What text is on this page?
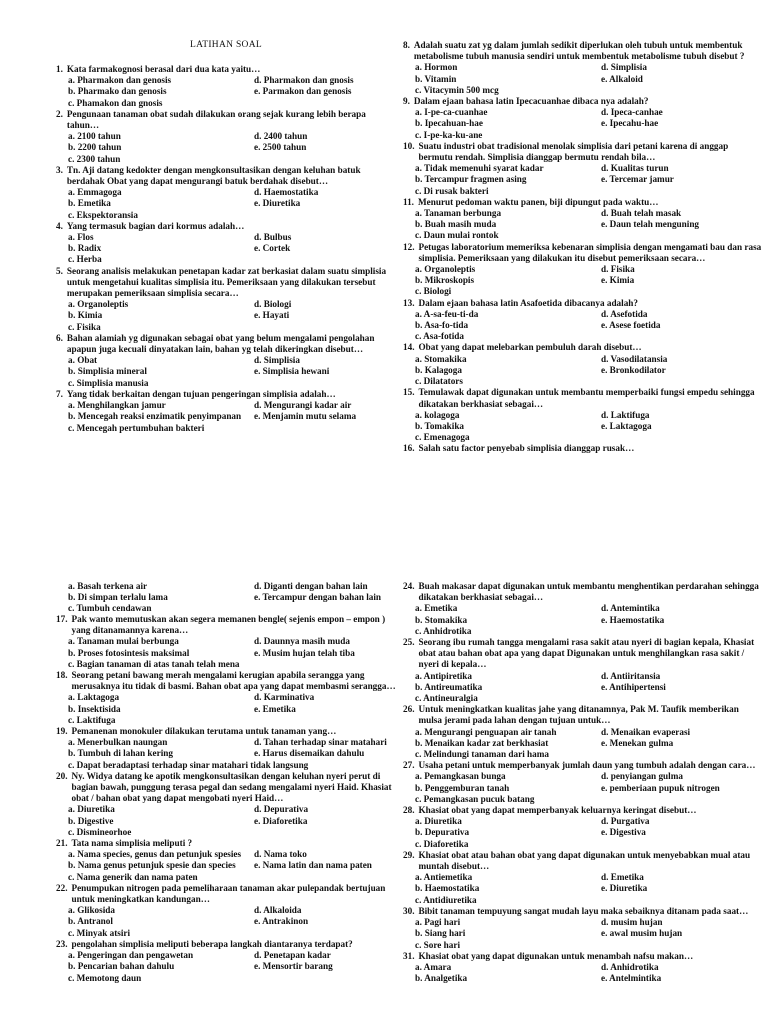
LATIHAN SOAL
1. Kata farmakognosi berasal dari dua kata yaitu…
a. Pharmakon dan genosis	d. Pharmakon dan gnosis
b. Pharmako dan genosis	e. Parmakon dan genosis
c. Phamakon dan gnosis
2. Pengunaan tanaman obat sudah dilakukan orang sejak kurang lebih berapa tahun…
a. 2100 tahun	d. 2400 tahun
b. 2200 tahun	e. 2500 tahun
c. 2300 tahun
3. Tn. Aji datang kedokter dengan mengkonsultasikan dengan keluhan batuk berdahak Obat yang dapat mengurangi batuk berdahak disebut…
a. Emmagoga	d. Haemostatika
b. Emetika	e. Diuretika
c. Ekspektoransia
4. Yang termasuk bagian dari kormus adalah…
a. Flos	d. Bulbus
b. Radix	e. Cortek
c. Herba
5. Seorang analisis melakukan penetapan kadar zat berkasiat dalam suatu simplisia untuk mengetahui kualitas simplisia itu. Pemeriksaan yang dilakukan tersebut merupakan pemeriksaan simplisia secara…
a. Organoleptis	d. Biologi
b. Kimia	e. Hayati
c. Fisika
6. Bahan alamiah yg digunakan sebagai obat yang belum mengalami pengolahan apapun juga kecuali dinyatakan lain, bahan yg telah dikeringkan disebut…
a. Obat	d. Simplisia
b. Simplisia mineral	e. Simplisia hewani
c. Simplisia manusia
7. Yang tidak berkaitan dengan tujuan pengeringan simplisia adalah…
a. Menghilangkan jamur	d. Mengurangi kadar air
b. Mencegah reaksi enzimatik penyimpanan	e. Menjamin mutu selama
c. Mencegah pertumbuhan bakteri
a. Basah terkena air	d. Diganti dengan bahan lain
b. Di simpan terlalu lama	e. Tercampur dengan bahan lain
c. Tumbuh cendawan
17. Pak wanto memutuskan akan segera memanen bengle( sejenis empon – empon ) yang ditanamannya karena…
a. Tanaman mulai berbunga	d. Daunnya masih muda
b. Proses fotosintesis maksimal	e. Musim hujan telah tiba
c. Bagian tanaman di atas tanah telah mena
18. Seorang petani bawang merah mengalami kerugian apabila serangga yang merusaknya itu tidak di basmi. Bahan obat apa yang dapat membasmi serangga…
a. Laktagoga	d. Karminativa
b. Insektisida	e. Emetika
c. Laktifuga
19. Pemanenan monokuler dilakukan terutama untuk tanaman yang…
a. Menerbulkan naungan	d. Tahan terhadap sinar matahari
b. Tumbuh di lahan kering	e. Harus disemaikan dahulu
c. Dapat beradaptasi terhadap sinar matahari tidak langsung
20. Ny. Widya datang ke apotik mengkonsultasikan dengan keluhan nyeri perut di bagian bawah, punggung terasa pegal dan sedang mengalami nyeri Haid. Khasiat obat / bahan obat yang dapat mengobati nyeri Haid…
a. Diuretika	d. Depurativa
b. Digestive	e. Diaforetika
c. Dismineorhoe
21. Tata nama simplisia meliputi ?
a. Nama species, genus dan petunjuk spesies	d. Nama toko
b. Nama genus petunjuk spesie dan species	e. Nama latin dan nama paten
c. Nama generik dan nama paten
22. Penumpukan nitrogen pada pemeliharaan tanaman akar pulepandak bertujuan untuk meningkatkan kandungan…
a. Glikosida	d. Alkaloida
b. Antranol	e. Antrakinon
c. Minyak atsiri
23. pengolahan simplisia meliputi beberapa langkah diantaranya terdapat?
a. Pengeringan dan pengawetan	d. Penetapan kadar
b. Pencarian bahan dahulu	e. Mensortir barang
c. Memotong daun
8. Adalah suatu zat yg dalam jumlah sedikit diperlukan oleh tubuh untuk membentuk metabolisme tubuh manusia sendiri untuk membentuk metabolisme tubuh disebut ?
a. Hormon	d. Simplisia
b. Vitamin	e. Alkaloid
c. Vitacymin 500 mcg
9. Dalam ejaan bahasa latin Ipecacuanhae dibaca nya adalah?
a. I-pe-ca-cuanhae	d. Ipeca-canhae
b. Ipecahuan-hae	e. Ipecahu-hae
c. I-pe-ka-ku-ane
10. Suatu industri obat tradisional menolak simplisia dari petani karena di anggap bermutu rendah. Simplisia dianggap bermutu rendah bila…
a. Tidak memenuhi syarat kadar	d. Kualitas turun
b. Tercampur fragmen asing	e. Tercemar jamur
c. Di rusak bakteri
11. Menurut pedoman waktu panen, biji dipungut pada waktu…
a. Tanaman berbunga	d. Buah telah masak
b. Buah masih muda	e. Daun telah menguning
c. Daun mulai rontok
12. Petugas laboratorium memeriksa kebenaran simplisia dengan mengamati bau dan rasa simplisia. Pemeriksaan yang dilakukan itu disebut pemeriksaan secara…
a. Organoleptis	d. Fisika
b. Mikroskopis	e. Kimia
c. Biologi
13. Dalam ejaan bahasa latin Asafoetida dibacanya adalah?
a. A-sa-feu-ti-da	d. Asefotida
b. Asa-fo-tida	e. Asese foetida
c. Asa-fotida
14. Obat yang dapat melebarkan pembuluh darah disebut…
a. Stomakika	d. Vasodilatansia
b. Kalagoga	e. Bronkodilator
c. Dilatators
15. Temulawak dapat digunakan untuk membantu memperbaiki fungsi empedu sehingga dikatakan berkhasiat sebagai…
a. kolagoga	d. Laktifuga
b. Tomakika	e. Laktagoga
c. Emenagoga
16. Salah satu factor penyebab simplisia dianggap rusak…
24. Buah makasar dapat digunakan untuk membantu menghentikan perdarahan sehingga dikatakan berkhasiat sebagai…
a. Emetika	d. Antemintika
b. Stomakika	e. Haemostatika
c. Anhidrotika
25. Seorang ibu rumah tangga mengalami rasa sakit atau nyeri di bagian kepala, Khasiat obat atau bahan obat apa yang dapat Digunakan untuk menghilangkan rasa sakit / nyeri di kepala…
a. Antipiretika	d. Antiiritansia
b. Antireumatika	e. Antihipertensi
c. Antineuralgia
26. Untuk meningkatkan kualitas jahe yang ditanamnya, Pak M. Taufik memberikan mulsa jerami pada lahan dengan tujuan untuk…
a. Mengurangi penguapan air tanah	d. Menaikan evaperasi
b. Menaikan kadar zat berkhasiat	e. Menekan gulma
c. Melindungi tanaman dari hama
27. Usaha petani untuk memperbanyak jumlah daun yang tumbuh adalah dengan cara…
a. Pemangkasan bunga	d. penyiangan gulma
b. Penggemburan tanah	e. pemberiaan pupuk nitrogen
c. Pemangkasan pucuk batang
28. Khasiat obat yang dapat memperbanyak keluarnya keringat disebut…
a. Diuretika	d. Purgativa
b. Depurativa	e. Digestiva
c. Diaforetika
29. Khasiat obat atau bahan obat yang dapat digunakan untuk menyebabkan mual atau muntah disebut…
a. Antiemetika	d. Emetika
b. Haemostatika	e. Diuretika
c. Antidiuretika
30. Bibit tanaman tempuyung sangat mudah layu maka sebaiknya ditanam pada saat…
a. Pagi hari	d. musim hujan
b. Siang hari	e. awal musim hujan
c. Sore hari
31. Khasiat obat yang dapat digunakan untuk menambah nafsu makan…
a. Amara	d. Anhidrotika
b. Analgetika	e. Antelmintika
